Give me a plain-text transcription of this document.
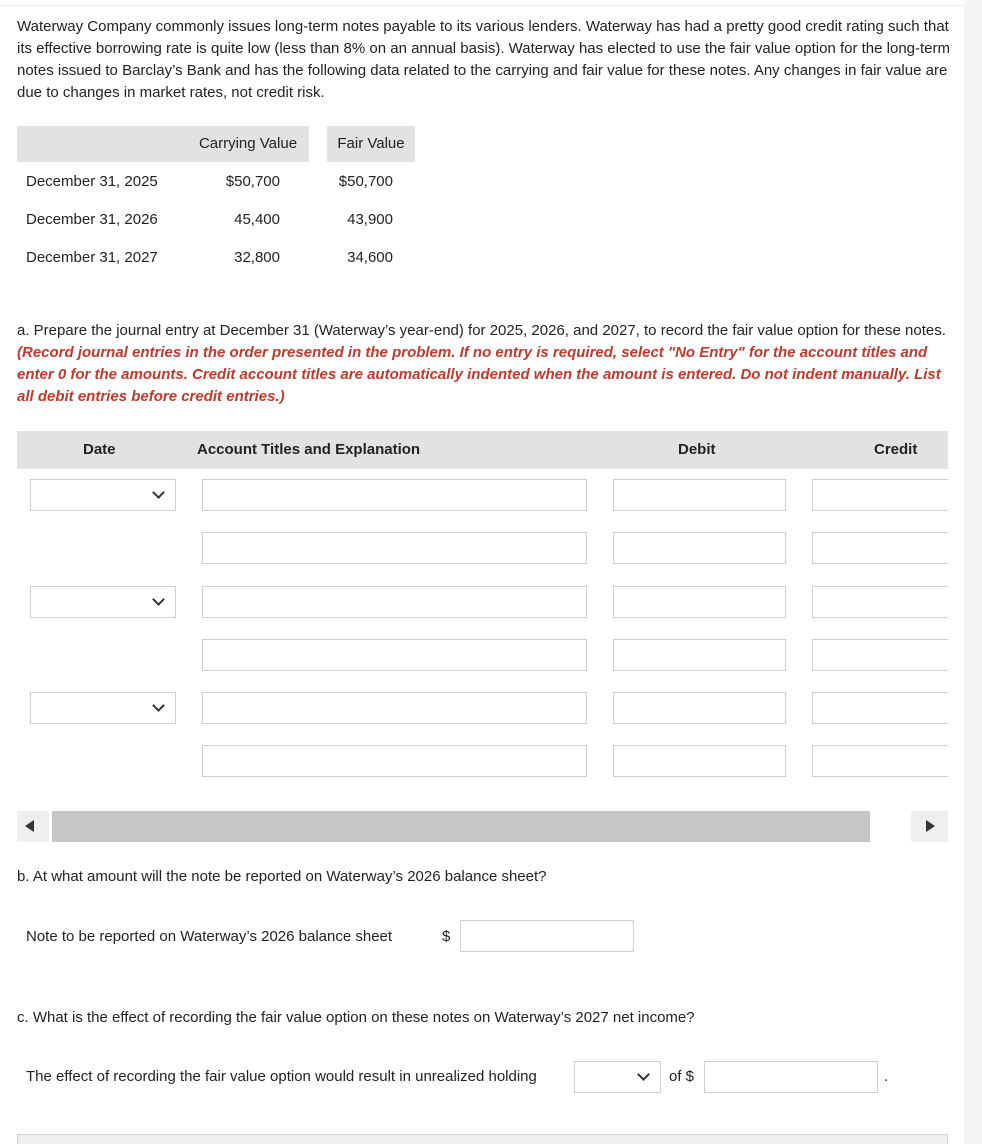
Waterway Company commonly issues long-term notes payable to its various lenders. Waterway has had a pretty good credit rating such that its effective borrowing rate is quite low (less than 8% on an annual basis). Waterway has elected to use the fair value option for the long-term notes issued to Barclay’s Bank and has the following data related to the carrying and fair value for these notes. Any changes in fair value are due to changes in market rates, not credit risk.

Carrying Value	Fair Value
December 31, 2025	$50,700	$50,700
December 31, 2026	45,400	43,900
December 31, 2027	32,800	34,600

a. Prepare the journal entry at December 31 (Waterway’s year-end) for 2025, 2026, and 2027, to record the fair value option for these notes. (Record journal entries in the order presented in the problem. If no entry is required, select "No Entry" for the account titles and enter 0 for the amounts. Credit account titles are automatically indented when the amount is entered. Do not indent manually. List all debit entries before credit entries.)

Date	Account Titles and Explanation	Debit	Credit
b. At what amount will the note be reported on Waterway’s 2026 balance sheet?
Note to be reported on Waterway’s 2026 balance sheet	$
c. What is the effect of recording the fair value option on these notes on Waterway’s 2027 net income?
The effect of recording the fair value option would result in unrealized holding	of $	.
